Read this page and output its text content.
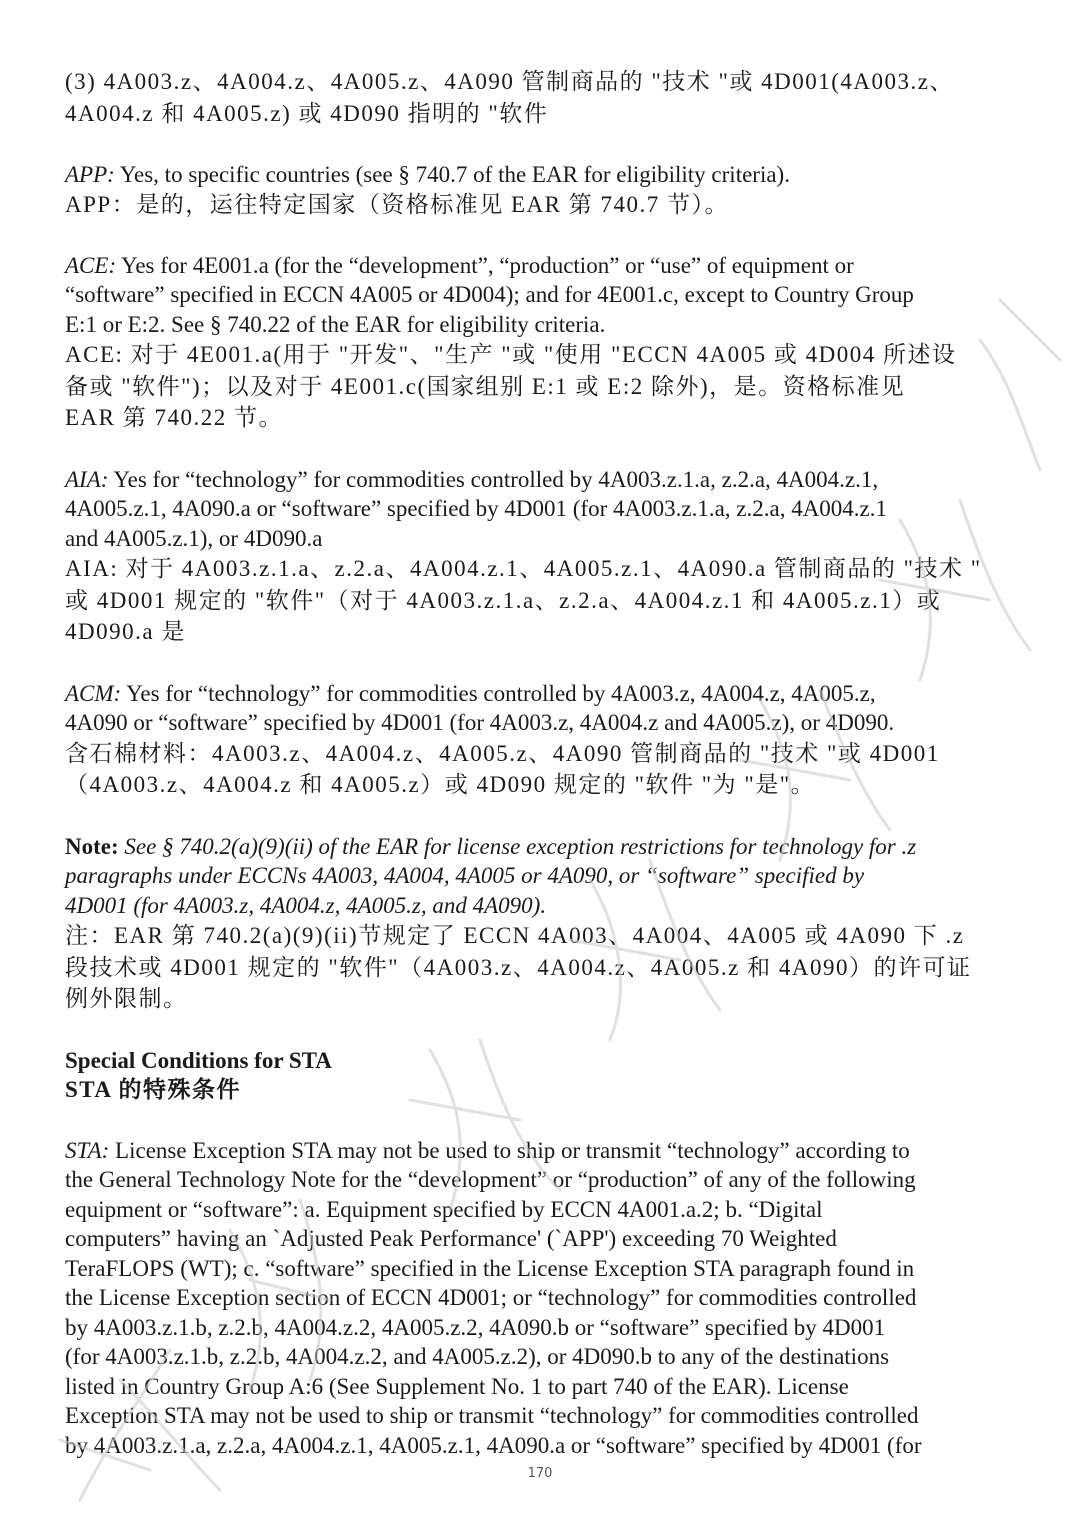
(3) 4A003.z、4A004.z、4A005.z、4A090 管制商品的 "技术 "或 4D001(4A003.z、
4A004.z 和 4A005.z) 或 4D090 指明的 "软件
APP: Yes, to specific countries (see § 740.7 of the EAR for eligibility criteria).
APP：是的，运往特定国家（资格标准见 EAR 第 740.7 节）。
ACE: Yes for 4E001.a (for the “development”, “production” or “use” of equipment or
“software” specified in ECCN 4A005 or 4D004); and for 4E001.c, except to Country Group
E:1 or E:2. See § 740.22 of the EAR for eligibility criteria.
ACE: 对于 4E001.a(用于 "开发"、"生产 "或 "使用 "ECCN 4A005 或 4D004 所述设
备或 "软件")；以及对于 4E001.c(国家组别 E:1 或 E:2 除外)，是。资格标准见
EAR 第 740.22 节。
AIA: Yes for “technology” for commodities controlled by 4A003.z.1.a, z.2.a, 4A004.z.1,
4A005.z.1, 4A090.a or “software” specified by 4D001 (for 4A003.z.1.a, z.2.a, 4A004.z.1
and 4A005.z.1), or 4D090.a
AIA: 对于 4A003.z.1.a、z.2.a、4A004.z.1、4A005.z.1、4A090.a 管制商品的 "技术 "
或 4D001 规定的 "软件"（对于 4A003.z.1.a、z.2.a、4A004.z.1 和 4A005.z.1）或
4D090.a 是
ACM: Yes for “technology” for commodities controlled by 4A003.z, 4A004.z, 4A005.z,
4A090 or “software” specified by 4D001 (for 4A003.z, 4A004.z and 4A005.z), or 4D090.
含石棉材料：4A003.z、4A004.z、4A005.z、4A090 管制商品的 "技术 "或 4D001
（4A003.z、4A004.z 和 4A005.z）或 4D090 规定的 "软件 "为 "是"。
Note: See § 740.2(a)(9)(ii) of the EAR for license exception restrictions for technology for .z
paragraphs under ECCNs 4A003, 4A004, 4A005 or 4A090, or “software” specified by
4D001 (for 4A003.z, 4A004.z, 4A005.z, and 4A090).
注：EAR 第 740.2(a)(9)(ii)节规定了 ECCN 4A003、4A004、4A005 或 4A090 下 .z
段技术或 4D001 规定的 "软件"（4A003.z、4A004.z、4A005.z 和 4A090）的许可证
例外限制。
Special Conditions for STA
STA 的特殊条件
STA: License Exception STA may not be used to ship or transmit “technology” according to
the General Technology Note for the “development” or “production” of any of the following
equipment or “software”: a. Equipment specified by ECCN 4A001.a.2; b. “Digital
computers” having an `Adjusted Peak Performance' (`APP') exceeding 70 Weighted
TeraFLOPS (WT); c. “software” specified in the License Exception STA paragraph found in
the License Exception section of ECCN 4D001; or “technology” for commodities controlled
by 4A003.z.1.b, z.2.b, 4A004.z.2, 4A005.z.2, 4A090.b or “software” specified by 4D001
(for 4A003.z.1.b, z.2.b, 4A004.z.2, and 4A005.z.2), or 4D090.b to any of the destinations
listed in Country Group A:6 (See Supplement No. 1 to part 740 of the EAR). License
Exception STA may not be used to ship or transmit “technology” for commodities controlled
by 4A003.z.1.a, z.2.a, 4A004.z.1, 4A005.z.1, 4A090.a or “software” specified by 4D001 (for
170
